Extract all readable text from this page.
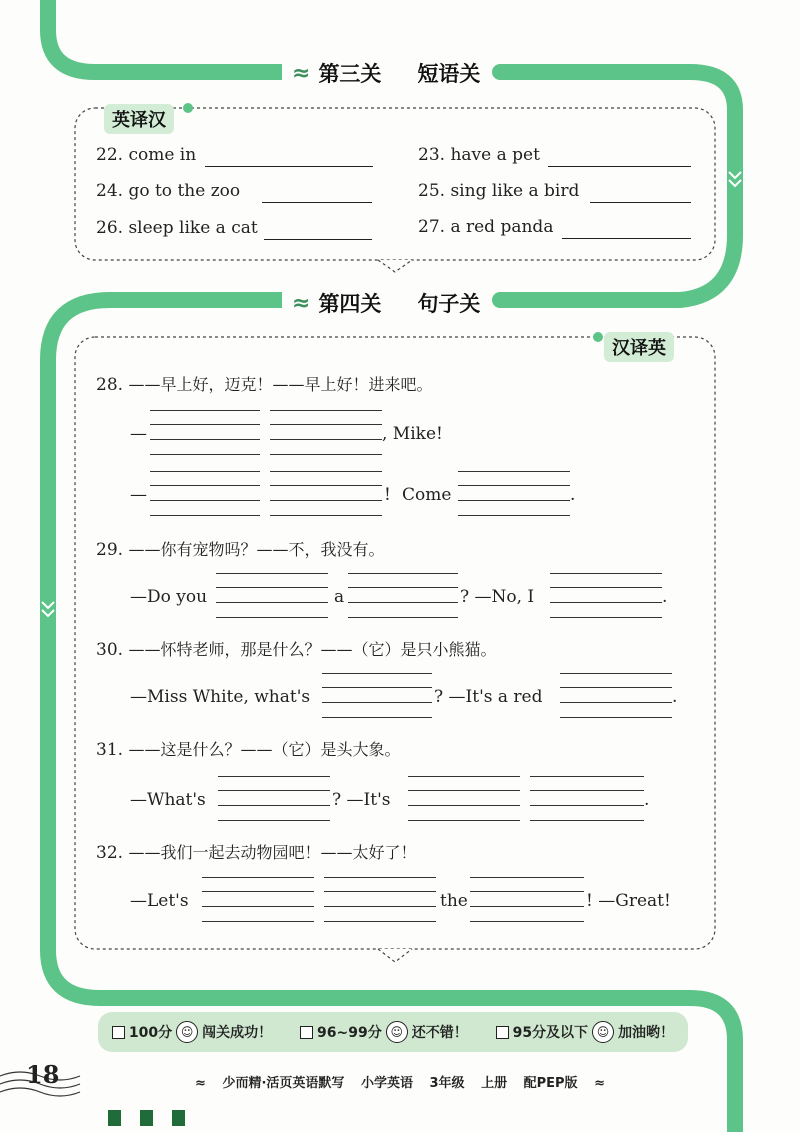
≈ 第三关 短语关
英译汉
22. come in	23. have a pet
24. go to the zoo	25. sing like a bird
26. sleep like a cat	27. a red panda
≈ 第四关 句子关
汉译英
28. ——早上好，迈克！——早上好！进来吧。
—	, Mike!
—	! Come	.
29. ——你有宠物吗？——不，我没有。
—Do you	a	? —No, I	.
30. ——怀特老师，那是什么？——（它）是只小熊猫。
—Miss White, what's	? —It's a red	.
31. ——这是什么？——（它）是头大象。
—What's	? —It's	.
32. ——我们一起去动物园吧！——太好了！
—Let's	the	! —Great!
100分 ☺ 闯关成功！	96~99分 ☺ 还不错！	95分及以下 ☺ 加油哟！
18	≈ 少而精·活页英语默写 小学英语 3年级 上册 配PEP版 ≈
